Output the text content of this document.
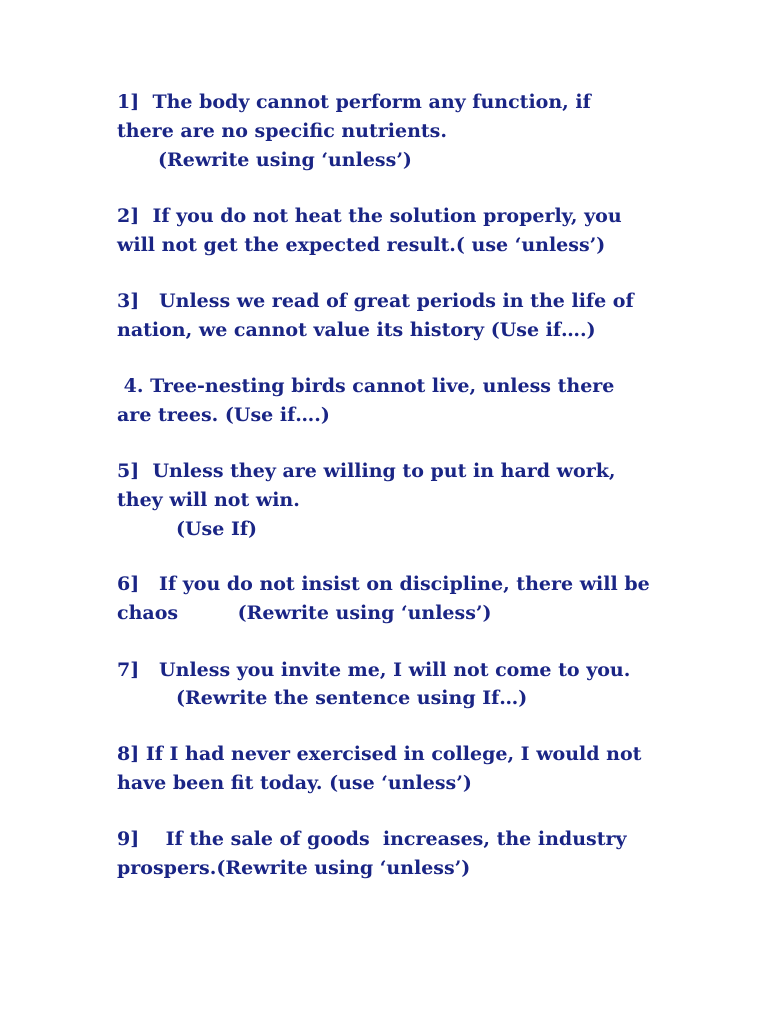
1]  The body cannot perform any function, if

there are no specific nutrients.

(Rewrite using ‘unless’)

2]  If you do not heat the solution properly, you

will not get the expected result.( use ‘unless’)

3]   Unless we read of great periods in the life of

nation, we cannot value its history (Use if….)

4. Tree-nesting birds cannot live, unless there

are trees. (Use if….)

5]  Unless they are willing to put in hard work,

they will not win.

(Use If)

6]   If you do not insist on discipline, there will be

chaos         (Rewrite using ‘unless’)

7]   Unless you invite me, I will not come to you.

(Rewrite the sentence using If…)

8] If I had never exercised in college, I would not

have been fit today. (use ‘unless’)

9]    If the sale of goods  increases, the industry

prospers.(Rewrite using ‘unless’)
